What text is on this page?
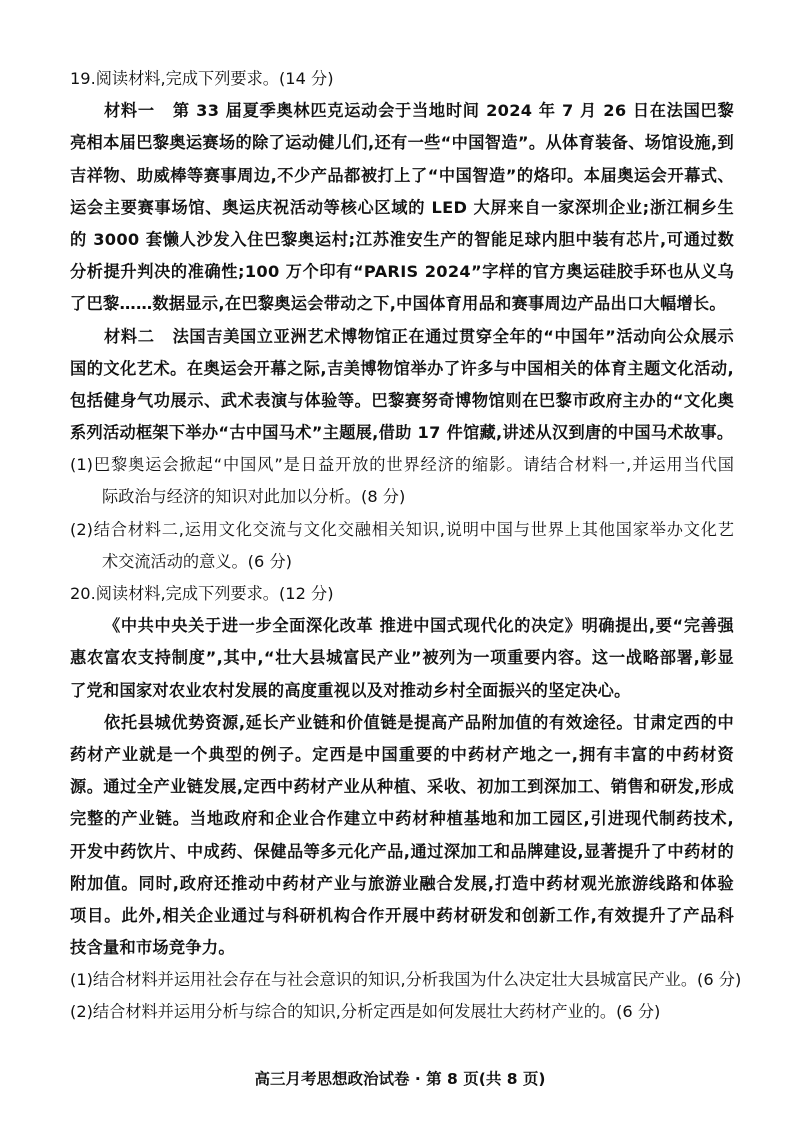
19.阅读材料,完成下列要求。(14 分)
材料一 第 33 届夏季奥林匹克运动会于当地时间 2024 年 7 月 26 日在法国巴黎
亮相本届巴黎奥运赛场的除了运动健儿们,还有一些“中国智造”。从体育装备、场馆设施,到
吉祥物、助威棒等赛事周边,不少产品都被打上了“中国智造”的烙印。本届奥运会开幕式、
运会主要赛事场馆、奥运庆祝活动等核心区域的 LED 大屏来自一家深圳企业;浙江桐乡生
的 3000 套懒人沙发入住巴黎奥运村;江苏淮安生产的智能足球内胆中装有芯片,可通过数
分析提升判决的准确性;100 万个印有“PARIS 2024”字样的官方奥运硅胶手环也从义乌
了巴黎……数据显示,在巴黎奥运会带动之下,中国体育用品和赛事周边产品出口大幅增长。
材料二 法国吉美国立亚洲艺术博物馆正在通过贯穿全年的“中国年”活动向公众展示
国的文化艺术。在奥运会开幕之际,吉美博物馆举办了许多与中国相关的体育主题文化活动,
包括健身气功展示、武术表演与体验等。巴黎赛努奇博物馆则在巴黎市政府主办的“文化奥
系列活动框架下举办“古中国马术”主题展,借助 17 件馆藏,讲述从汉到唐的中国马术故事。
(1)巴黎奥运会掀起“中国风”是日益开放的世界经济的缩影。请结合材料一,并运用当代国
际政治与经济的知识对此加以分析。(8 分)
(2)结合材料二,运用文化交流与文化交融相关知识,说明中国与世界上其他国家举办文化艺
术交流活动的意义。(6 分)
20.阅读材料,完成下列要求。(12 分)
《中共中央关于进一步全面深化改革 推进中国式现代化的决定》明确提出,要“完善强
惠农富农支持制度”,其中,“壮大县城富民产业”被列为一项重要内容。这一战略部署,彰显
了党和国家对农业农村发展的高度重视以及对推动乡村全面振兴的坚定决心。
依托县城优势资源,延长产业链和价值链是提高产品附加值的有效途径。甘肃定西的中
药材产业就是一个典型的例子。定西是中国重要的中药材产地之一,拥有丰富的中药材资
源。通过全产业链发展,定西中药材产业从种植、采收、初加工到深加工、销售和研发,形成
完整的产业链。当地政府和企业合作建立中药材种植基地和加工园区,引进现代制药技术,
开发中药饮片、中成药、保健品等多元化产品,通过深加工和品牌建设,显著提升了中药材的
附加值。同时,政府还推动中药材产业与旅游业融合发展,打造中药材观光旅游线路和体验
项目。此外,相关企业通过与科研机构合作开展中药材研发和创新工作,有效提升了产品科
技含量和市场竞争力。
(1)结合材料并运用社会存在与社会意识的知识,分析我国为什么决定壮大县城富民产业。(6 分)
(2)结合材料并运用分析与综合的知识,分析定西是如何发展壮大药材产业的。(6 分)
高三月考思想政治试卷 · 第 8 页(共 8 页)
